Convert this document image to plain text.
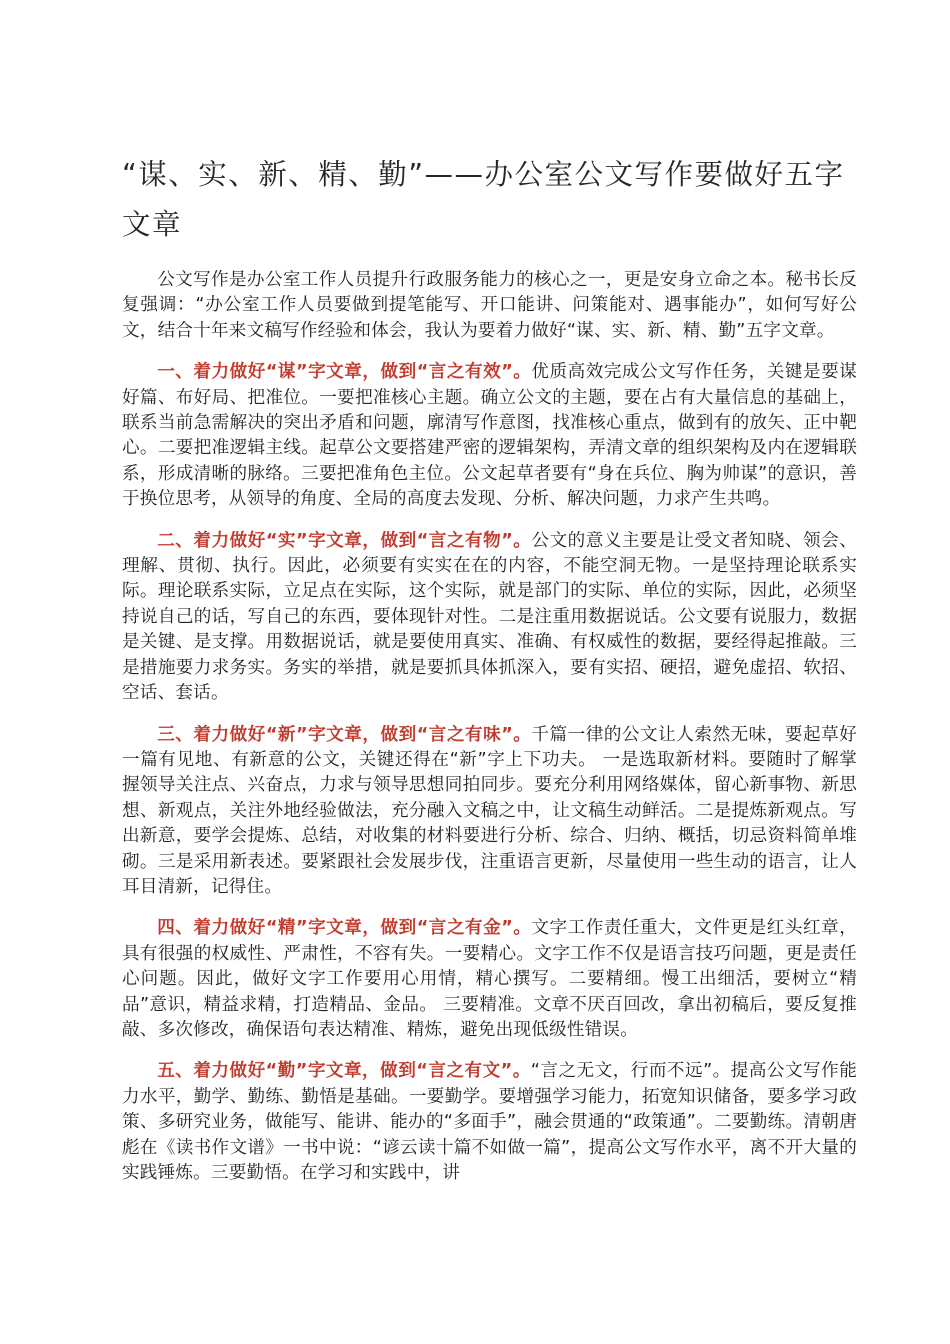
“谋、实、新、精、勤”——办公室公文写作要做好五字文章

公文写作是办公室工作人员提升行政服务能力的核心之一，更是安身立命之本。秘书长反复强调：“办公室工作人员要做到提笔能写、开口能讲、问策能对、遇事能办”，如何写好公文，结合十年来文稿写作经验和体会，我认为要着力做好“谋、实、新、精、勤”五字文章。

一、着力做好“谋”字文章，做到“言之有效”。优质高效完成公文写作任务，关键是要谋好篇、布好局、把准位。一要把准核心主题。确立公文的主题，要在占有大量信息的基础上，联系当前急需解决的突出矛盾和问题，廓清写作意图，找准核心重点，做到有的放矢、正中靶心。二要把准逻辑主线。起草公文要搭建严密的逻辑架构，弄清文章的组织架构及内在逻辑联系，形成清晰的脉络。三要把准角色主位。公文起草者要有“身在兵位、胸为帅谋”的意识，善于换位思考，从领导的角度、全局的高度去发现、分析、解决问题，力求产生共鸣。

二、着力做好“实”字文章，做到“言之有物”。公文的意义主要是让受文者知晓、领会、理解、贯彻、执行。因此，必须要有实实在在的内容，不能空洞无物。一是坚持理论联系实际。理论联系实际，立足点在实际，这个实际，就是部门的实际、单位的实际，因此，必须坚持说自己的话，写自己的东西，要体现针对性。二是注重用数据说话。公文要有说服力，数据是关键、是支撑。用数据说话，就是要使用真实、准确、有权威性的数据，要经得起推敲。三是措施要力求务实。务实的举措，就是要抓具体抓深入，要有实招、硬招，避免虚招、软招、空话、套话。

三、着力做好“新”字文章，做到“言之有味”。千篇一律的公文让人索然无味，要起草好一篇有见地、有新意的公文，关键还得在“新”字上下功夫。 一是选取新材料。要随时了解掌握领导关注点、兴奋点，力求与领导思想同拍同步。要充分利用网络媒体，留心新事物、新思想、新观点，关注外地经验做法，充分融入文稿之中，让文稿生动鲜活。二是提炼新观点。写出新意，要学会提炼、总结，对收集的材料要进行分析、综合、归纳、概括，切忌资料简单堆砌。三是采用新表述。要紧跟社会发展步伐，注重语言更新，尽量使用一些生动的语言，让人耳目清新，记得住。

四、着力做好“精”字文章，做到“言之有金”。文字工作责任重大，文件更是红头红章，具有很强的权威性、严肃性，不容有失。一要精心。文字工作不仅是语言技巧问题，更是责任心问题。因此，做好文字工作要用心用情，精心撰写。二要精细。慢工出细活，要树立“精品”意识，精益求精，打造精品、金品。 三要精准。文章不厌百回改，拿出初稿后，要反复推敲、多次修改，确保语句表达精准、精炼，避免出现低级性错误。

五、着力做好“勤”字文章，做到“言之有文”。“言之无文，行而不远”。提高公文写作能力水平，勤学、勤练、勤悟是基础。一要勤学。要增强学习能力，拓宽知识储备，要多学习政策、多研究业务，做能写、能讲、能办的“多面手”，融会贯通的“政策通”。二要勤练。清朝唐彪在《读书作文谱》一书中说：“谚云读十篇不如做一篇”，提高公文写作水平，离不开大量的实践锤炼。三要勤悟。在学习和实践中，讲
